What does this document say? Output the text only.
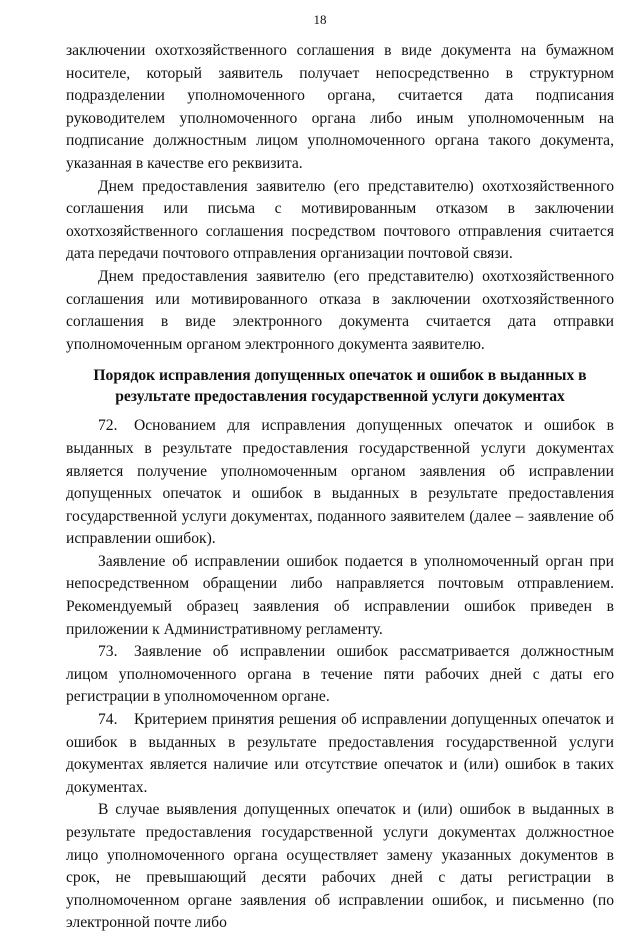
18

заключении охотхозяйственного соглашения в виде документа на бумажном носителе, который заявитель получает непосредственно в структурном подразделении уполномоченного органа, считается дата подписания руководителем уполномоченного органа либо иным уполномоченным на подписание должностным лицом уполномоченного органа такого документа, указанная в качестве его реквизита.

Днем предоставления заявителю (его представителю) охотхозяйственного соглашения или письма с мотивированным отказом в заключении охотхозяйственного соглашения посредством почтового отправления считается дата передачи почтового отправления организации почтовой связи.

Днем предоставления заявителю (его представителю) охотхозяйственного соглашения или мотивированного отказа в заключении охотхозяйственного соглашения в виде электронного документа считается дата отправки уполномоченным органом электронного документа заявителю.

Порядок исправления допущенных опечаток и ошибок в выданных в результате предоставления государственной услуги документах

72. Основанием для исправления допущенных опечаток и ошибок в выданных в результате предоставления государственной услуги документах является получение уполномоченным органом заявления об исправлении допущенных опечаток и ошибок в выданных в результате предоставления государственной услуги документах, поданного заявителем (далее – заявление об исправлении ошибок).

Заявление об исправлении ошибок подается в уполномоченный орган при непосредственном обращении либо направляется почтовым отправлением. Рекомендуемый образец заявления об исправлении ошибок приведен в приложении к Административному регламенту.

73. Заявление об исправлении ошибок рассматривается должностным лицом уполномоченного органа в течение пяти рабочих дней с даты его регистрации в уполномоченном органе.

74. Критерием принятия решения об исправлении допущенных опечаток и ошибок в выданных в результате предоставления государственной услуги документах является наличие или отсутствие опечаток и (или) ошибок в таких документах.

В случае выявления допущенных опечаток и (или) ошибок в выданных в результате предоставления государственной услуги документах должностное лицо уполномоченного органа осуществляет замену указанных документов в срок, не превышающий десяти рабочих дней с даты регистрации в уполномоченном органе заявления об исправлении ошибок, и письменно (по электронной почте либо
